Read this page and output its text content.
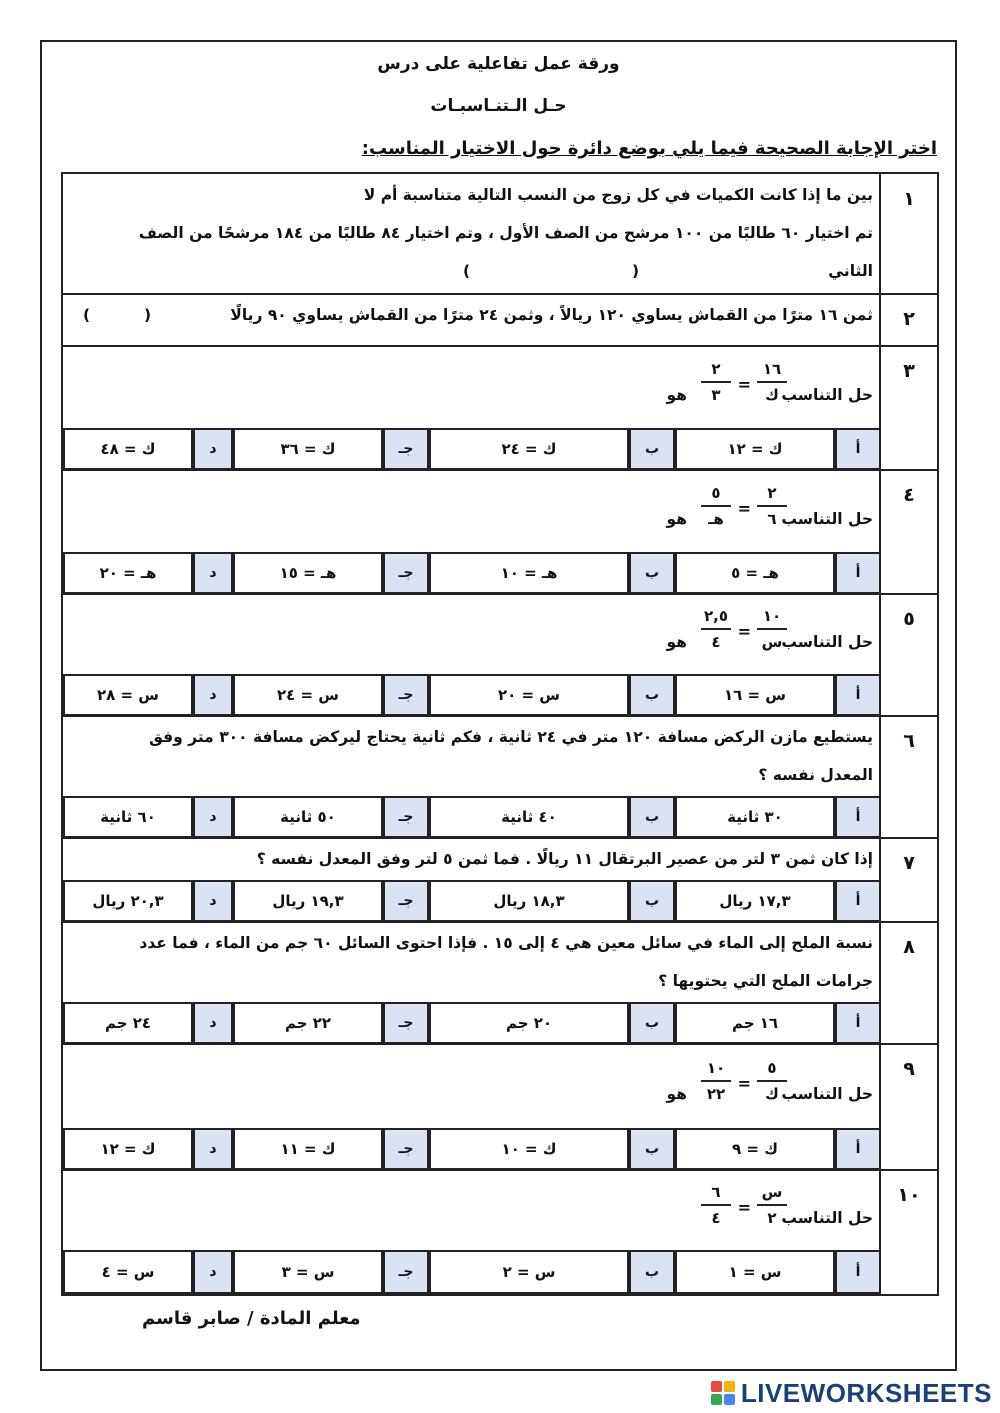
ورقة عمل تفاعلية على درس
حـل الـتنـاسبـات
اختر الإجابة الصحيحة فيما يلي بوضع دائرة حول الاختيار المناسب:
١
بين ما إذا كانت الكميات في كل زوج من النسب التالية متناسبة أم لا
تم اختيار ٦٠ طالبًا من ١٠٠ مرشح من الصف الأول ، وتم اختيار ٨٤ طالبًا من ١٨٤ مرشحًا من الصف
الثاني
(                              )
٢
ثمن ١٦ مترًا من القماش يساوي ١٢٠ ريالاً ، وثمن ٢٤ مترًا من القماش يساوي ٩٠ ريالًا
(          )
٣
حل التناسب
١٦
ك
=
٢
٣
هو
أ
ك = ١٢
ب
ك = ٢٤
جـ
ك = ٣٦
د
ك = ٤٨
٤
حل التناسب
٢
٦
=
٥
هـ
هو
أ
هـ = ٥
ب
هـ = ١٠
جـ
هـ = ١٥
د
هـ = ٢٠
٥
حل التناسب
١٠
س
=
٢,٥
٤
هو
أ
س = ١٦
ب
س = ٢٠
جـ
س = ٢٤
د
س = ٢٨
٦
يستطيع مازن الركض مسافة ١٢٠ متر في ٢٤ ثانية ، فكم ثانية يحتاج ليركض مسافة ٣٠٠ متر وفق
المعدل نفسه ؟
أ
٣٠ ثانية
ب
٤٠ ثانية
جـ
٥٠ ثانية
د
٦٠ ثانية
٧
إذا كان ثمن ٣ لتر من عصير البرتقال ١١ ريالًا . فما ثمن ٥ لتر وفق المعدل نفسه ؟
أ
١٧,٣ ريال
ب
١٨,٣ ريال
جـ
١٩,٣ ريال
د
٢٠,٣ ريال
٨
نسبة الملح إلى الماء في سائل معين هي ٤ إلى ١٥ . فإذا احتوى السائل ٦٠ جم من الماء ، فما عدد
جرامات الملح التي يحتويها ؟
أ
١٦ جم
ب
٢٠ جم
جـ
٢٢ جم
د
٢٤ جم
٩
حل التناسب
٥
ك
=
١٠
٢٢
هو
أ
ك = ٩
ب
ك = ١٠
جـ
ك = ١١
د
ك = ١٢
١٠
حل التناسب
س
٢
=
٦
٤
أ
س = ١
ب
س = ٢
جـ
س = ٣
د
س = ٤
معلم المادة / صابر قاسم
LIVEWORKSHEETS
